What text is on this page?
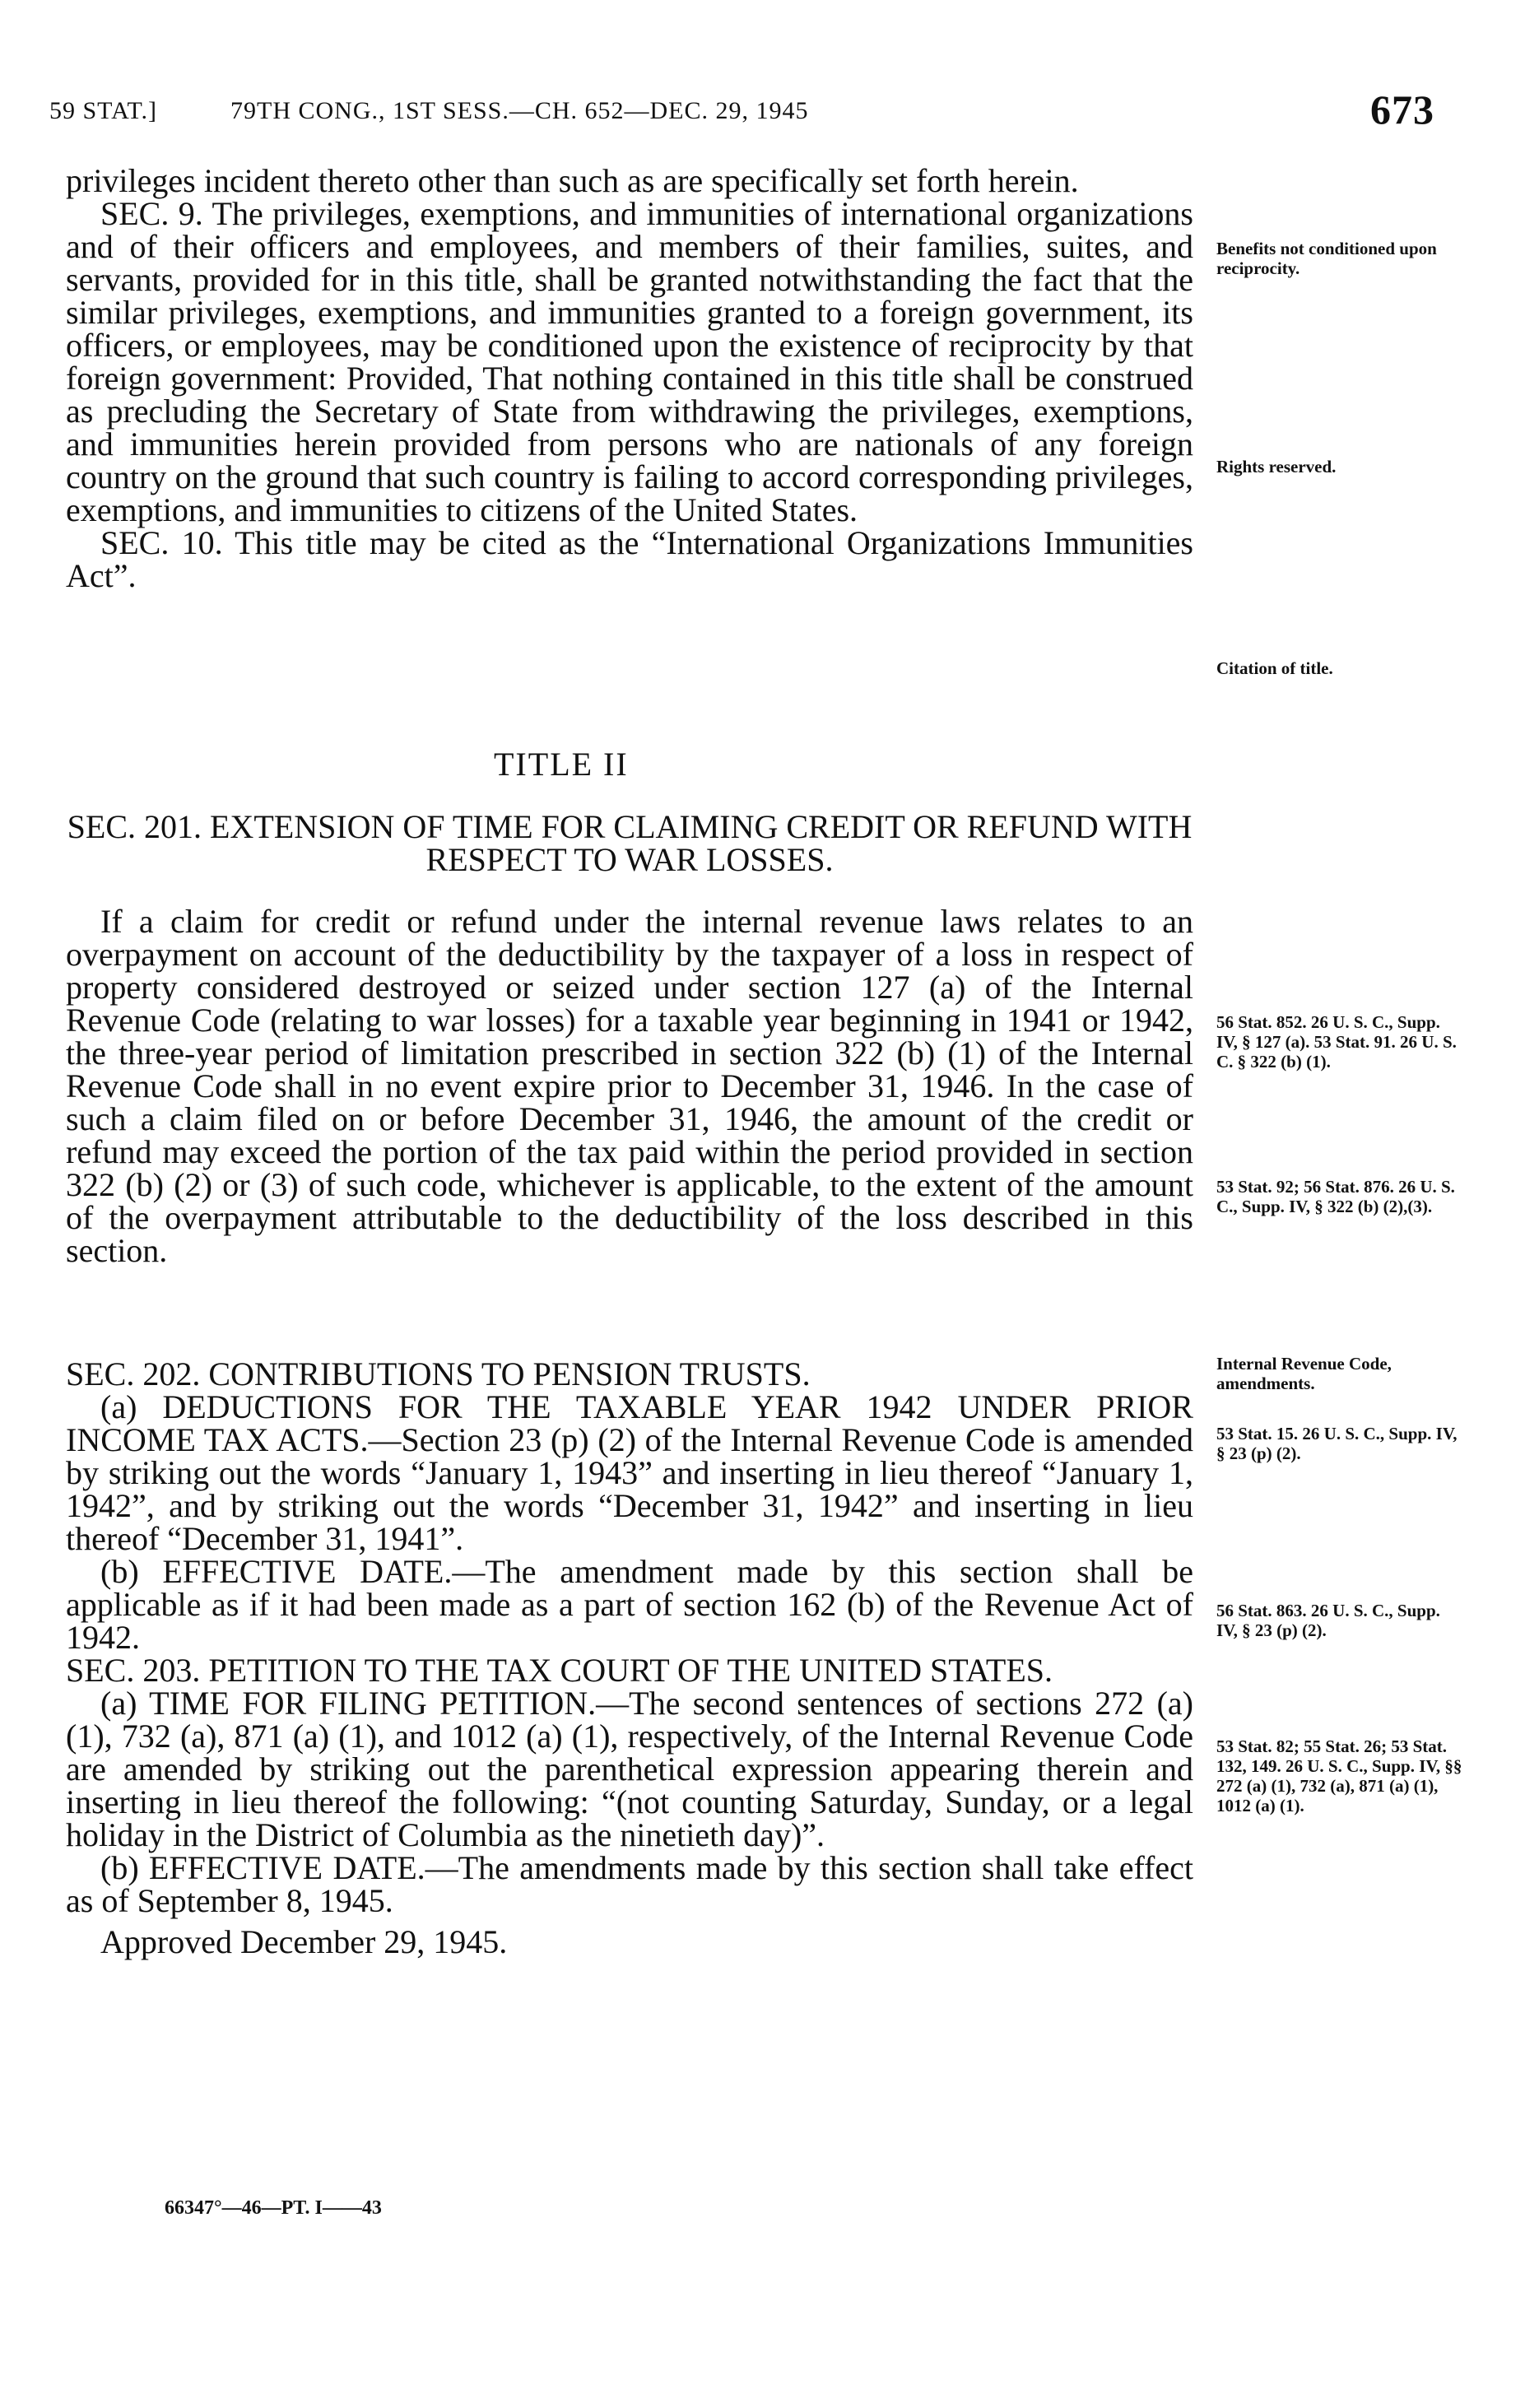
59 STAT.]	79TH CONG., 1ST SESS.—CH. 652—DEC. 29, 1945	673

privileges incident thereto other than such as are specifically set forth herein.

SEC. 9. The privileges, exemptions, and immunities of international organizations and of their officers and employees, and members of their families, suites, and servants, provided for in this title, shall be granted notwithstanding the fact that the similar privileges, exemptions, and immunities granted to a foreign government, its officers, or employees, may be conditioned upon the existence of reciprocity by that foreign government: Provided, That nothing contained in this title shall be construed as precluding the Secretary of State from withdrawing the privileges, exemptions, and immunities herein provided from persons who are nationals of any foreign country on the ground that such country is failing to accord corresponding privileges, exemptions, and immunities to citizens of the United States.

SEC. 10. This title may be cited as the “International Organizations Immunities Act”.

TITLE II
SEC. 201. EXTENSION OF TIME FOR CLAIMING CREDIT OR REFUND WITH RESPECT TO WAR LOSSES.

If a claim for credit or refund under the internal revenue laws relates to an overpayment on account of the deductibility by the taxpayer of a loss in respect of property considered destroyed or seized under section 127 (a) of the Internal Revenue Code (relating to war losses) for a taxable year beginning in 1941 or 1942, the three-year period of limitation prescribed in section 322 (b) (1) of the Internal Revenue Code shall in no event expire prior to December 31, 1946. In the case of such a claim filed on or before December 31, 1946, the amount of the credit or refund may exceed the portion of the tax paid within the period provided in section 322 (b) (2) or (3) of such code, whichever is applicable, to the extent of the amount of the overpayment attributable to the deductibility of the loss described in this section.

SEC. 202. CONTRIBUTIONS TO PENSION TRUSTS.

(a) DEDUCTIONS FOR THE TAXABLE YEAR 1942 UNDER PRIOR INCOME TAX ACTS.—Section 23 (p) (2) of the Internal Revenue Code is amended by striking out the words “January 1, 1943” and inserting in lieu thereof “January 1, 1942”, and by striking out the words “December 31, 1942” and inserting in lieu thereof “December 31, 1941”.

(b) EFFECTIVE DATE.—The amendment made by this section shall be applicable as if it had been made as a part of section 162 (b) of the Revenue Act of 1942.

SEC. 203. PETITION TO THE TAX COURT OF THE UNITED STATES.

(a) TIME FOR FILING PETITION.—The second sentences of sections 272 (a) (1), 732 (a), 871 (a) (1), and 1012 (a) (1), respectively, of the Internal Revenue Code are amended by striking out the parenthetical expression appearing therein and inserting in lieu thereof the following: “(not counting Saturday, Sunday, or a legal holiday in the District of Columbia as the ninetieth day)”.

(b) EFFECTIVE DATE.—The amendments made by this section shall take effect as of September 8, 1945.

Approved December 29, 1945.

Benefits not conditioned upon reciprocity.
Rights reserved.
Citation of title.
56 Stat. 852. 26 U. S. C., Supp. IV, § 127 (a). 53 Stat. 91. 26 U. S. C. § 322 (b) (1).
53 Stat. 92; 56 Stat. 876. 26 U. S. C., Supp. IV, § 322 (b) (2),(3).
Internal Revenue Code, amendments.
53 Stat. 15. 26 U. S. C., Supp. IV, § 23 (p) (2).
56 Stat. 863. 26 U. S. C., Supp. IV, § 23 (p) (2).
53 Stat. 82; 55 Stat. 26; 53 Stat. 132, 149. 26 U. S. C., Supp. IV, §§ 272 (a) (1), 732 (a), 871 (a) (1), 1012 (a) (1).
66347°—46—PT. I——43
